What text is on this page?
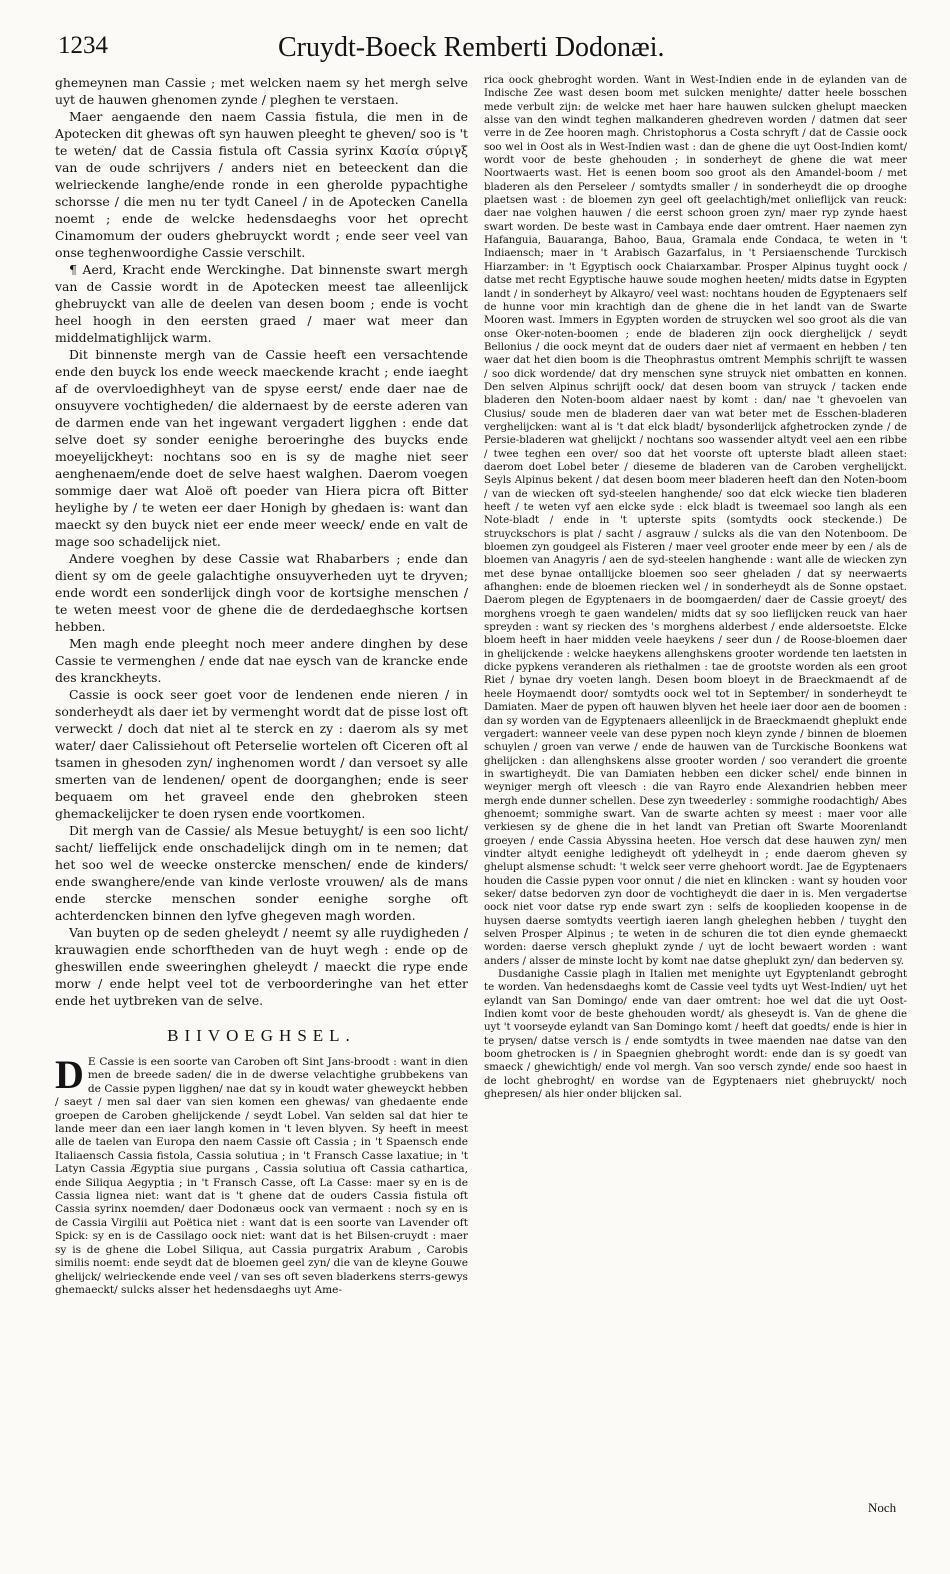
1234	Cruydt-Boeck Remberti Dodonæi.

ghemeynen man Cassie ; met welcken naem sy het mergh selve uyt de hauwen ghenomen zynde / pleghen te verstaen.

Maer aengaende den naem Cassia fistula, die men in de Apotecken dit ghewas oft syn hauwen pleeght te gheven/ soo is 't te weten/ dat de Cassia fistula oft Cassia syrinx Κασία σύριγξ van de oude schrijvers / anders niet en beteeckent dan die welrieckende langhe/ende ronde in een gherolde pypachtighe schorsse / die men nu ter tydt Caneel / in de Apotecken Canella noemt ; ende de welcke hedensdaeghs voor het oprecht Cinamomum der ouders ghebruyckt wordt ; ende seer veel van onse teghenwoordighe Cassie verschilt.

¶ Aerd, Kracht ende Werckinghe. Dat binnenste swart mergh van de Cassie wordt in de Apotecken meest tae alleenlijck ghebruyckt van alle de deelen van desen boom ; ende is vocht heel hoogh in den eersten graed / maer wat meer dan middelmatighlijck warm.

Dit binnenste mergh van de Cassie heeft een versachtende ende den buyck los ende weeck maeckende kracht ; ende iaeght af de overvloedighheyt van de spyse eerst/ ende daer nae de onsuyvere vochtigheden/ die aldernaest by de eerste aderen van de darmen ende van het ingewant vergadert ligghen : ende dat selve doet sy sonder eenighe beroeringhe des buycks ende moeyelijckheyt: nochtans soo en is sy de maghe niet seer aenghenaem/ende doet de selve haest walghen. Daerom voegen sommige daer wat Aloë oft poeder van Hiera picra oft Bitter heylighe by / te weten eer daer Honigh by ghedaen is: want dan maeckt sy den buyck niet eer ende meer weeck/ ende en valt de mage soo schadelijck niet.

Andere voeghen by dese Cassie wat Rhabarbers ; ende dan dient sy om de geele galachtighe onsuyverheden uyt te dryven; ende wordt een sonderlijck dingh voor de kortsighe menschen / te weten meest voor de ghene die de derdedaeghsche kortsen hebben.

Men magh ende pleeght noch meer andere dinghen by dese Cassie te vermenghen / ende dat nae eysch van de krancke ende des kranckheyts.

Cassie is oock seer goet voor de lendenen ende nieren / in sonderheydt als daer iet by vermenght wordt dat de pisse lost oft verweckt / doch dat niet al te sterck en zy : daerom als sy met water/ daer Calissiehout oft Peterselie wortelen oft Ciceren oft al tsamen in ghesoden zyn/ inghenomen wordt / dan versoet sy alle smerten van de lendenen/ opent de doorganghen; ende is seer bequaem om het graveel ende den ghebroken steen ghemackelijcker te doen rysen ende voortkomen.

Dit mergh van de Cassie/ als Mesue betuyght/ is een soo licht/ sacht/ lieffelijck ende onschadelijck dingh om in te nemen; dat het soo wel de weecke onsterckе menschen/ ende de kinders/ ende swanghere/ende van kinde verloste vrouwen/ als de mans ende stercke menschen sonder eenighe sorghe oft achterdencken binnen den lyfve ghegeven magh worden.

Van buyten op de seden ghelеydt / neemt sy alle ruydigheden / krauwagien ende schorftheden van de huyt wegh : ende op de gheswillen ende sweeringhen ghelеydt / maeckt die rype ende morw / ende helpt veel tot de verboorderinghe van het etter ende het uytbreken van de selve.

BIIVOEGHSEL.

D E Cassie is een soorte van Caroben oft Sint Jans-broodt : want in dien men de breede saden/ die in de dwerse velachtighe grubbekens van de Cassie pypen ligghen/ nae dat sy in koudt water gheweyckt hebben / saeyt / men sal daer van sien komen een ghewas/ van ghedaente ende groepen de Caroben ghelijckende / seydt Lobel. Van selden sal dat hier te lande meer dan een iaer langh komen in 't leven blyven. Sy heeft in meest alle de taelen van Europa den naem Cassie oft Cassia ; in 't Spaensch ende Italiaensch Cassia fistola, Cassia solutiua ; in 't Fransch Casse laxatiue; in 't Latyn Cassia Ægyptia siue purgans , Cassia solutiua oft Cassia cathartica, ende Siliqua Aegyptia ; in 't Fransch Casse, oft La Casse: maer sy en is de Cassia lignea niet: want dat is 't ghene dat de ouders Cassia fistula oft Cassia syrinx noemden/ daer Dodonæus oock van vermaent : noch sy en is de Cassia Virgilii aut Poëtica niet : want dat is een soorte van Lavender oft Spick: sy en is de Cassilago oock niet: want dat is het Bilsen-cruydt : maer sy is de ghene die Lobel Siliqua, aut Cassia purgatrix Arabum , Carobis similis noemt: ende seydt dat de bloemen geel zyn/ die van de kleyne Gouwe ghelijck/ welrieckende ende veel / van ses oft seven bladerkens sterrs-gewys ghemaeckt/ sulcks alsser het hedensdaeghs uyt Ame-

rica oock ghebroght worden. Want in West-Indien ende in de eylanden van de Indische Zee wast desen boom met sulcken menighte/ datter heele bosschen mede verbult zijn: de welcke met haer hare hauwen sulcken ghelupt maecken alsse van den windt teghen malkanderen ghedreven worden / datmen dat seer verre in de Zee hooren magh. Christophorus a Costa schryft / dat de Cassie oock soo wel in Oost als in West-Indien wast : dan de ghene die uyt Oost-Indien komt/ wordt voor de beste ghehouden ; in sonderheyt de ghene die wat meer Noortwaerts wast. Het is eenen boom soo groot als den Amandel-boom / met bladeren als den Perseleer / somtydts smaller / in sonderheydt die op drooghe plaetsen wast : de bloemen zyn geel oft geelachtigh/met onlieflijck van reuck: daer nae volghen hauwen / die eerst schoon groen zyn/ maer ryp zynde haest swart worden. De beste wast in Cambaya ende daer omtrent. Haer naemen zyn Hafanguia, Bauaranga, Bahoo, Baua, Gramala ende Condaca, te weten in 't Indiaensch; maer in 't Arabisch Gazarfalus, in 't Persiaenschende Turckisch Hiarzamber: in 't Egyptisch oock Chaiarxambar. Prosper Alpinus tuyght oock / datse met recht Egyptische hauwe soude moghen heeten/ midts datse in Egypten landt / in sonderheyt by Alkayro/ veel wast: nochtans houden de Egyptenaers self de hunne voor min krachtigh dan de ghene die in het landt van de Swarte Mooren wast. Immers in Egypten worden de struycken wel soo groot als die van onse Oker-noten-boomen ; ende de bladeren zijn oock dierghelijck / seydt Bellonius / die oock meynt dat de ouders daer niet af vermaent en hebben / ten waer dat het dien boom is die Theophrastus omtrent Memphis schrijft te wassen / soo dick wordende/ dat dry menschen syne struyck niet ombatten en konnen. Den selven Alpinus schrijft oock/ dat desen boom van struyck / tacken ende bladeren den Noten-boom aldaer naest by komt : dan/ nae 't ghevoelen van Clusius/ soude men de bladeren daer van wat beter met de Esschen-bladeren verghelijcken: want al is 't dat elck bladt/ bysonderlijck afghetrocken zynde / de Persie-bladeren wat ghelijckt / nochtans soo wassender altydt veel aen een ribbe / twee teghen een over/ soo dat het voorste oft upterste bladt alleen staet: daerom doet Lobel beter / dieseme de bladeren van de Caroben verghelijckt. Seyls Alpinus bekent / dat desen boom meer bladeren heeft dan den Noten-boom / van de wiecken oft syd-steelen hanghende/ soo dat elck wiecke tien bladeren heeft / te weten vyf aen elcke syde : elck bladt is tweemael soo langh als een Note-bladt / ende in 't upterste spits (somtydts oock steckende.) De struyckschors is plat / sacht / asgrauw / sulcks als die van den Notenboom. De bloemen zyn goudgeel als Fisteren / maer veel grooter ende meer by een / als de bloemen van Anagyris / aen de syd-steelen hanghende : want alle de wiecken zyn met dese bynae ontallijcke bloemen soo seer gheladen / dat sy neerwaerts afhanghen: ende de bloemen riecken wel / in sonderheydt als de Sonne opstaet. Daerom plegen de Egyptenaers in de boomgaerden/ daer de Cassie groeyt/ des morghens vroegh te gaen wandelen/ midts dat sy soo lieflijcken reuck van haer spreyden : want sy riecken des 's morghens alderbest / ende aldersoetste. Elcke bloem heeft in haer midden veele haeykens / seer dun / de Roose-bloemen daer in ghelijckende : welcke haeykens allenghskens grooter wordende ten laetsten in dicke pypkens veranderen als riethalmen : tae de grootste worden als een groot Riet / bynae dry voeten langh. Desen boom bloeyt in de Braeckmaendt af de heele Hoymaendt door/ somtydts oock wel tot in September/ in sonderheydt te Damiaten. Maer de pypen oft hauwen blyven het heele iaer door aen de boomen : dan sy worden van de Egyptenaers alleenlijck in de Braeckmaendt gheplukt ende vergadert: wanneer veele van dese pypen noch kleyn zynde / binnen de bloemen schuylen / groen van verwe / ende de hauwen van de Turckische Boonkens wat ghelijcken : dan allenghskens alsse grooter worden / soo verandert die groente in swartighеydt. Die van Damiaten hebben een dicker schel/ ende binnen in weyniger mergh oft vleesch : die van Rayro ende Alexandrien hebben meer mergh ende dunner schellen. Dese zyn tweederley : sommighe roodachtigh/ Abes ghenoemt; sommighe swart. Van de swarte achten sy meest : maer voor alle verkiesen sy de ghene die in het landt van Pretian oft Swarte Moorenlandt groeyen / ende Cassia Abyssina heeten. Hoe versch dat dese hauwen zyn/ men vindter altydt eenighe ledigheydt oft ydelheydt in ; ende daerom gheven sy ghelupt alsmense schudt: 't welck seer verre ghehoort wordt. Jae de Egyptenaers houden die Cassie pypen voor onnut / die niet en klincken : want sy houden voor seker/ datse bedorven zyn door de vochtigheydt die daer in is. Men vergadertse oock niet voor datse ryp ende swart zyn : selfs de koopliеden koopense in de huysen daerse somtydts veertigh iaeren langh gheleghen hebben / tuyght den selven Prosper Alpinus ; te weten in de schuren die tot dien eynde ghemaeckt worden: daerse versch gheplukt zynde / uyt de locht bewaert worden : want anders / alsser de minste locht by komt nae datse gheplukt zyn/ dan bederven sy.

Dusdanighe Cassie plagh in Italien met menighte uyt Egyptenlandt gebroght te worden. Van hedensdaeghs komt de Cassie veel tydts uyt West-Indien/ uyt het eylandt van San Domingo/ ende van daer omtrent: hoe wel dat die uyt Oost-Indien komt voor de beste ghehouden wordt/ als ghesеydt is. Van de ghene die uyt 't voorseyde eylandt van San Domingo komt / heeft dat goedts/ ende is hier in te prysen/ datse versch is / ende somtydts in twee maenden nae datse van den boom ghetrocken is / in Spaegnien ghebroght wordt: ende dan is sy goedt van smaeck / ghewichtigh/ ende vol mergh. Van soo versch zynde/ ende soo haest in de locht ghebroght/ en wordse van de Egyptenaers niet ghebruyckt/ noch ghepresen/ als hier onder blijcken sal.

Noch
